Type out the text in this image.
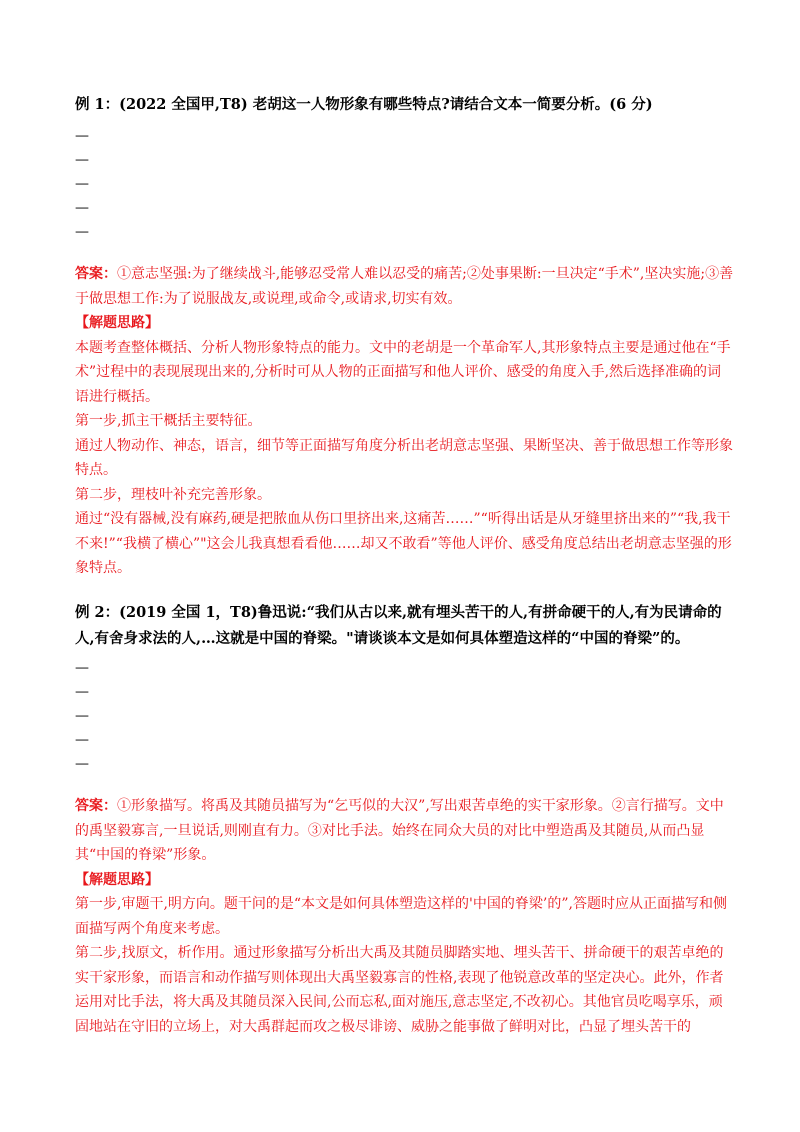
例 1：(2022 全国甲,T8) 老胡这一人物形象有哪些特点?请结合文本一简要分析。(6 分)
—
—
—
—
—

答案：①意志坚强:为了继续战斗,能够忍受常人难以忍受的痛苦;②处事果断:一旦决定“手术”,坚决实施;③善于做思想工作:为了说服战友,或说理,或命令,或请求,切实有效。

【解题思路】

本题考查整体概括、分析人物形象特点的能力。文中的老胡是一个革命军人,其形象特点主要是通过他在“手术”过程中的表现展现出来的,分析时可从人物的正面描写和他人评价、感受的角度入手,然后选择准确的词语进行概括。

第一步,抓主干概括主要特征。

通过人物动作、神态，语言，细节等正面描写角度分析出老胡意志坚强、果断坚决、善于做思想工作等形象特点。

第二步，理枝叶补充完善形象。

通过“没有器械,没有麻药,硬是把脓血从伤口里挤出来,这痛苦……”“听得出话是从牙缝里挤出来的”“我,我干不来!”“我横了横心”"这会儿我真想看看他……却又不敢看”等他人评价、感受角度总结出老胡意志坚强的形象特点。

例 2：(2019 全国 1，T8)鲁迅说:“我们从古以来,就有埋头苦干的人,有拼命硬干的人,有为民请命的人,有舍身求法的人,…这就是中国的脊梁。"请谈谈本文是如何具体塑造这样的“中国的脊梁”的。
—
—
—
—
—

答案：①形象描写。将禹及其随员描写为“乞丐似的大汉”,写出艰苦卓绝的实干家形象。②言行描写。文中的禹坚毅寡言,一旦说话,则刚直有力。③对比手法。始终在同众大员的对比中塑造禹及其随员,从而凸显其“中国的脊梁”形象。

【解题思路】

第一步,审题干,明方向。题干问的是“本文是如何具体塑造这样的'中国的脊梁’的”,答题时应从正面描写和侧面描写两个角度来考虑。

第二步,找原文，析作用。通过形象描写分析出大禹及其随员脚踏实地、埋头苦干、拼命硬干的艰苦卓绝的实干家形象，而语言和动作描写则体现出大禹坚毅寡言的性格,表现了他锐意改革的坚定决心。此外，作者运用对比手法，将大禹及其随员深入民间,公而忘私,面对施压,意志坚定,不改初心。其他官员吃喝享乐，顽固地站在守旧的立场上，对大禹群起而攻之极尽诽谤、威胁之能事做了鲜明对比，凸显了埋头苦干的
